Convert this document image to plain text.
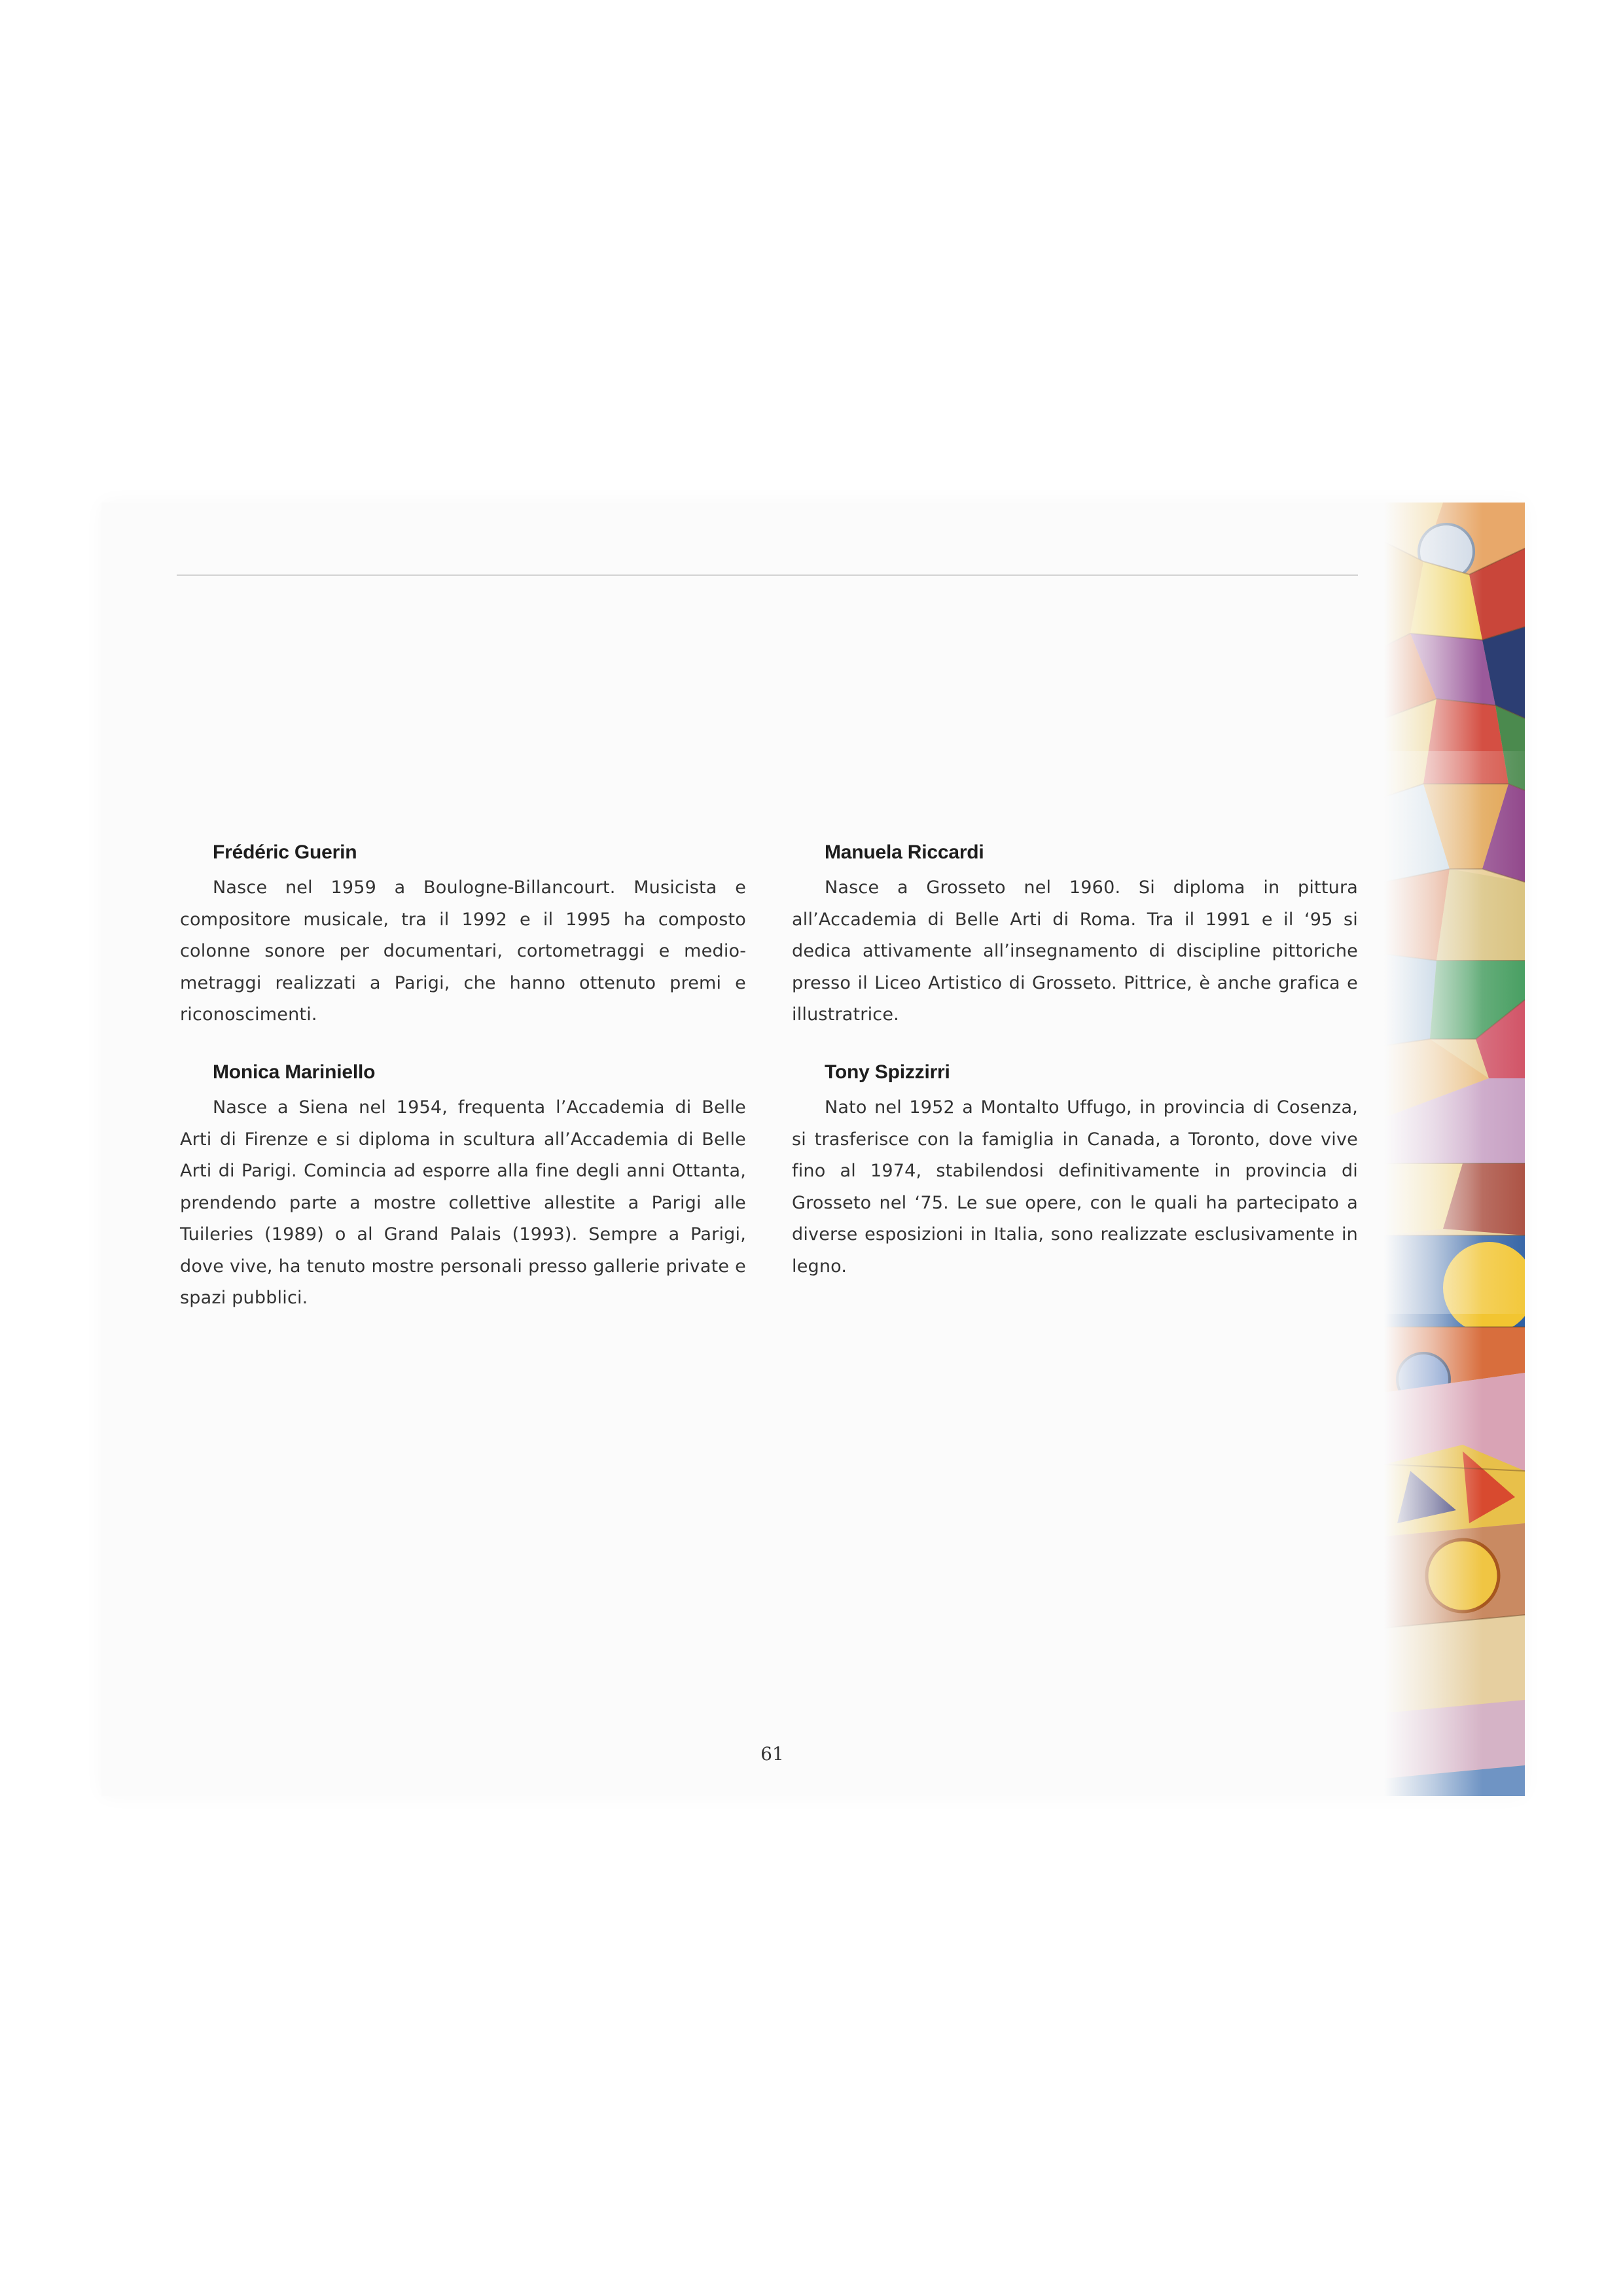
Frédéric Guerin

Nasce nel 1959 a Boulogne-Billancourt. Musicista e compositore musicale, tra il 1992 e il 1995 ha composto colonne sonore per documentari, cortometraggi e mediometraggi realizzati a Parigi, che hanno ottenuto premi e riconoscimenti.

Monica Mariniello

Nasce a Siena nel 1954, frequenta l’Accademia di Belle Arti di Firenze e si diploma in scultura all’Accademia di Belle Arti di Parigi. Comincia ad esporre alla fine degli anni Ottanta, prendendo parte a mostre collettive allestite a Parigi alle Tuileries (1989) o al Grand Palais (1993). Sempre a Parigi, dove vive, ha tenuto mostre personali presso gallerie private e spazi pubblici.

Manuela Riccardi

Nasce a Grosseto nel 1960. Si diploma in pittura all’Accademia di Belle Arti di Roma. Tra il 1991 e il ‘95 si dedica attivamente all’insegnamento di discipline pittoriche presso il Liceo Artistico di Grosseto. Pittrice, è anche grafica e illustratrice.

Tony Spizzirri

Nato nel 1952 a Montalto Uffugo, in provincia di Cosenza, si trasferisce con la famiglia in Canada, a Toronto, dove vive fino al 1974, stabilendosi definitivamente in provincia di Grosseto nel ‘75. Le sue opere, con le quali ha partecipato a diverse esposizioni in Italia, sono realizzate esclusivamente in legno.

61
